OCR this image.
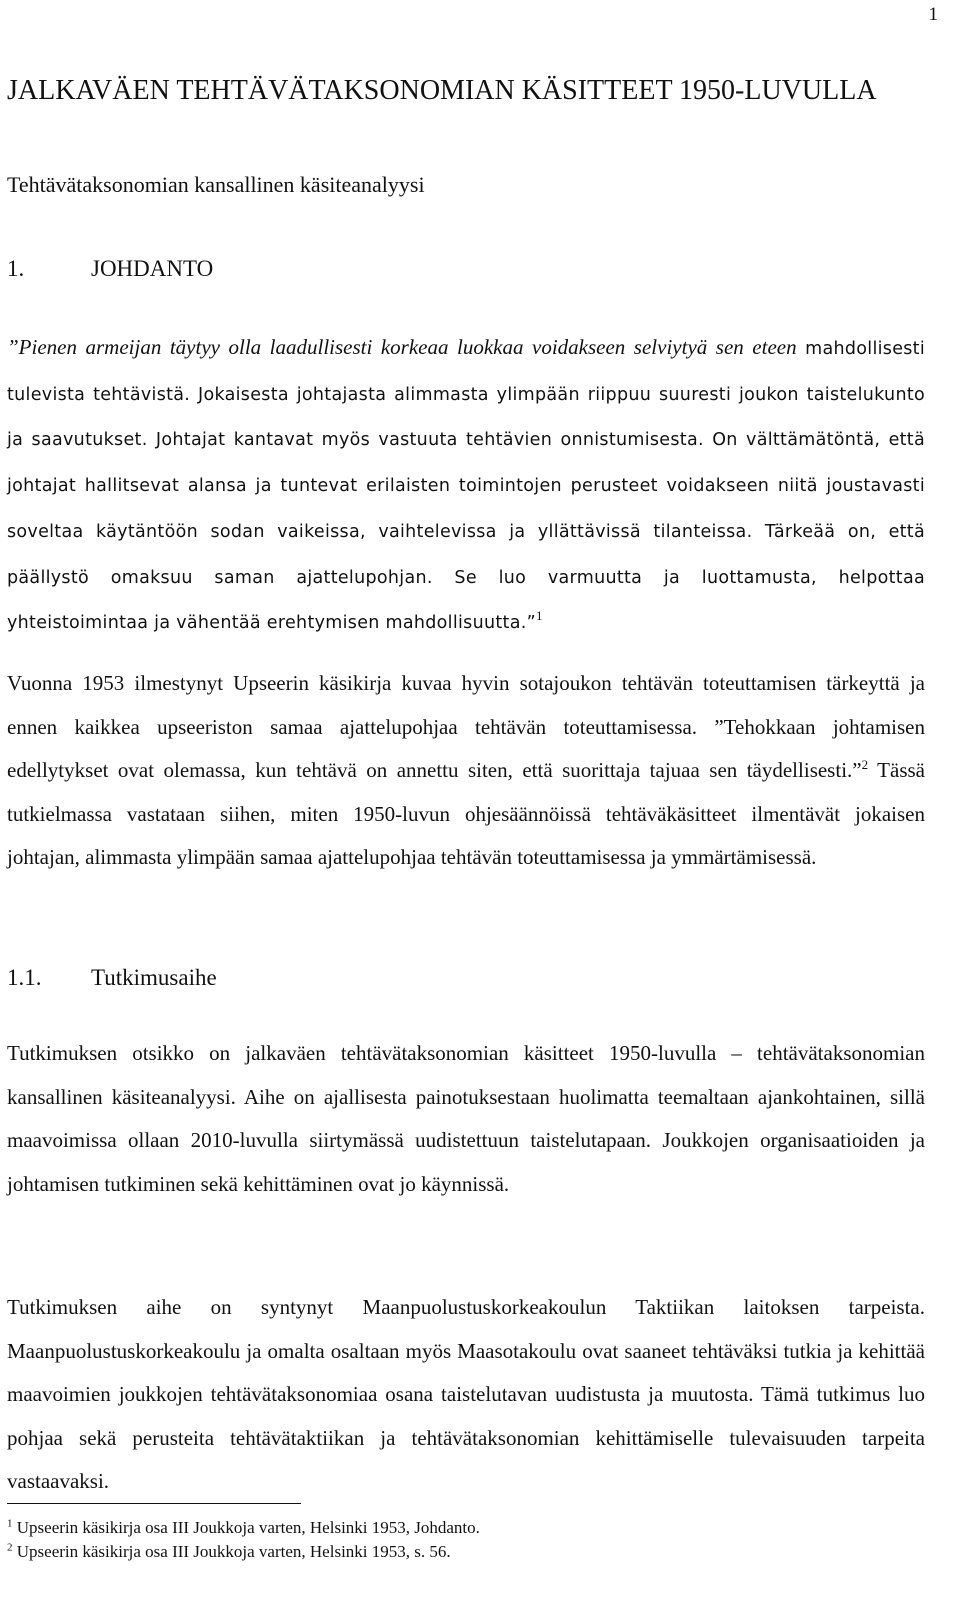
1
JALKAVÄEN TEHTÄVÄTAKSONOMIAN KÄSITTEET 1950-LUVULLA

Tehtävätaksonomian kansallinen käsiteanalyysi

1.	JOHDANTO
”Pienen armeijan täytyy olla laadullisesti korkeaa luokkaa voidakseen selviytyä sen eteen mahdollisesti tulevista tehtävistä. Jokaisesta johtajasta alimmasta ylimpään riippuu suuresti joukon taistelukunto ja saavutukset. Johtajat kantavat myös vastuuta tehtävien onnistumisesta. On välttämätöntä, että johtajat hallitsevat alansa ja tuntevat erilaisten toimintojen perusteet voidakseen niitä joustavasti soveltaa käytäntöön sodan vaikeissa, vaihtelevissa ja yllättävissä tilanteissa. Tärkeää on, että päällystö omaksuu saman ajattelupohjan. Se luo varmuutta ja luottamusta, helpottaa yhteistoimintaa ja vähentää erehtymisen mahdollisuutta.”$^1$

Vuonna 1953 ilmestynyt Upseerin käsikirja kuvaa hyvin sotajoukon tehtävän toteuttamisen tärkeyttä ja ennen kaikkea upseeriston samaa ajattelupohjaa tehtävän toteuttamisessa. ”Tehokkaan johtamisen edellytykset ovat olemassa, kun tehtävä on annettu siten, että suorittaja tajuaa sen täydellisesti.”$^2$ Tässä tutkielmassa vastataan siihen, miten 1950-luvun ohjesäännöissä tehtäväkäsitteet ilmentävät jokaisen johtajan, alimmasta ylimpään samaa ajattelupohjaa tehtävän toteuttamisessa ja ymmärtämisessä.

1.1. Tutkimusaihe

Tutkimuksen otsikko on jalkaväen tehtävätaksonomian käsitteet 1950-luvulla – tehtävätaksonomian kansallinen käsiteanalyysi. Aihe on ajallisesta painotuksestaan huolimatta teemaltaan ajankohtainen, sillä maavoimissa ollaan 2010-luvulla siirtymässä uudistettuun taistelutapaan. Joukkojen organisaatioiden ja johtamisen tutkiminen sekä kehittäminen ovat jo käynnissä.

Tutkimuksen aihe on syntynyt Maanpuolustuskorkeakoulun Taktiikan laitoksen tarpeista. Maanpuolustuskorkeakoulu ja omalta osaltaan myös Maasotakoulu ovat saaneet tehtäväksi tutkia ja kehittää maavoimien joukkojen tehtävätaksonomiaa osana taistelutavan uudistusta ja muutosta. Tämä tutkimus luo pohjaa sekä perusteita tehtävätaktiikan ja tehtävätaksonomian kehittämiselle tulevaisuuden tarpeita vastaavaksi.

$^1$ Upseerin käsikirja osa III Joukkoja varten, Helsinki 1953, Johdanto.
$^2$ Upseerin käsikirja osa III Joukkoja varten, Helsinki 1953, s. 56.
